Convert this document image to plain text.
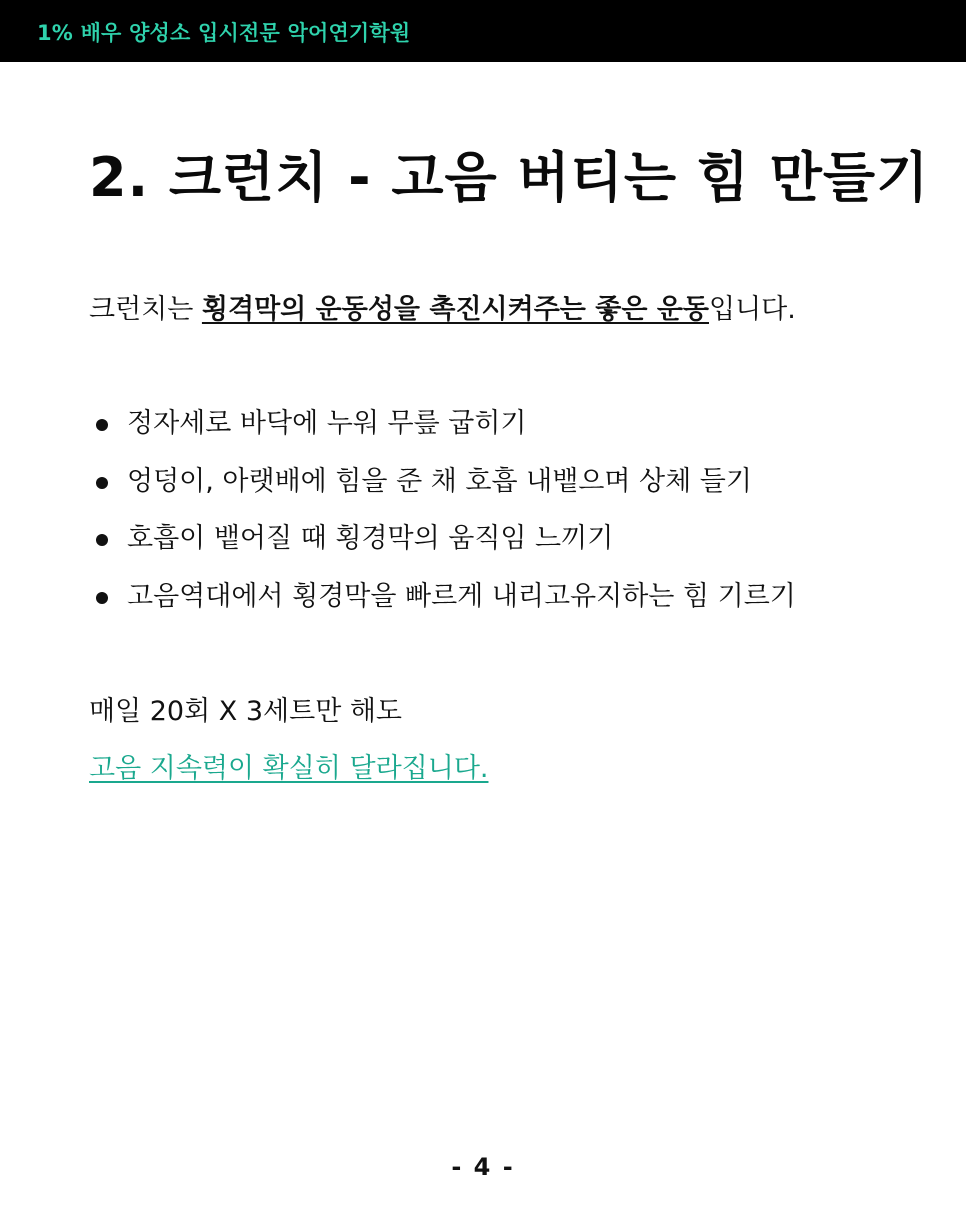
1% 배우 양성소 입시전문 악어연기학원
2. 크런치 - 고음 버티는 힘 만들기

크런치는 횡격막의 운동성을 촉진시켜주는 좋은 운동입니다.

정자세로 바닥에 누워 무릎 굽히기
엉덩이, 아랫배에 힘을 준 채 호흡 내뱉으며 상체 들기
호흡이 뱉어질 때 횡경막의 움직임 느끼기
고음역대에서 횡경막을 빠르게 내리고유지하는 힘 기르기
매일 20회 X 3세트만 해도
고음 지속력이 확실히 달라집니다.
- 4 -
